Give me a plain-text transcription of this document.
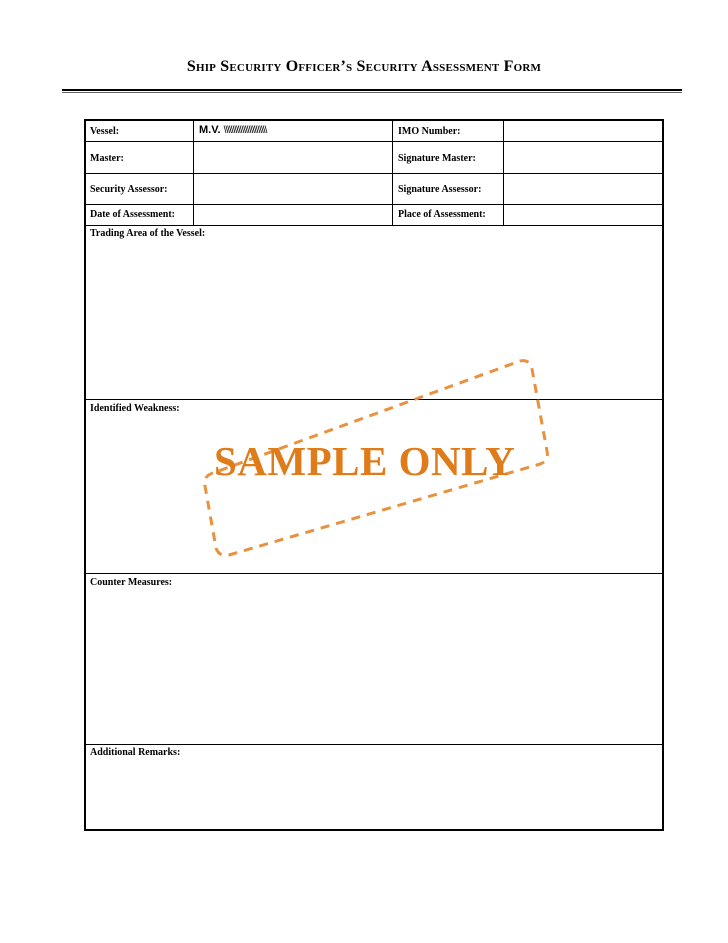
Ship Security Officer’s Security Assessment Form
Vessel:	M.V. \\\\\\\\\\\\\\\\\\\\\\\\	IMO Number:
Master:	Signature Master:
Security Assessor:	Signature Assessor:
Date of Assessment:	Place of Assessment:
Trading Area of the Vessel:
Identified Weakness:
Counter Measures:
Additional Remarks:
SAMPLE ONLY
